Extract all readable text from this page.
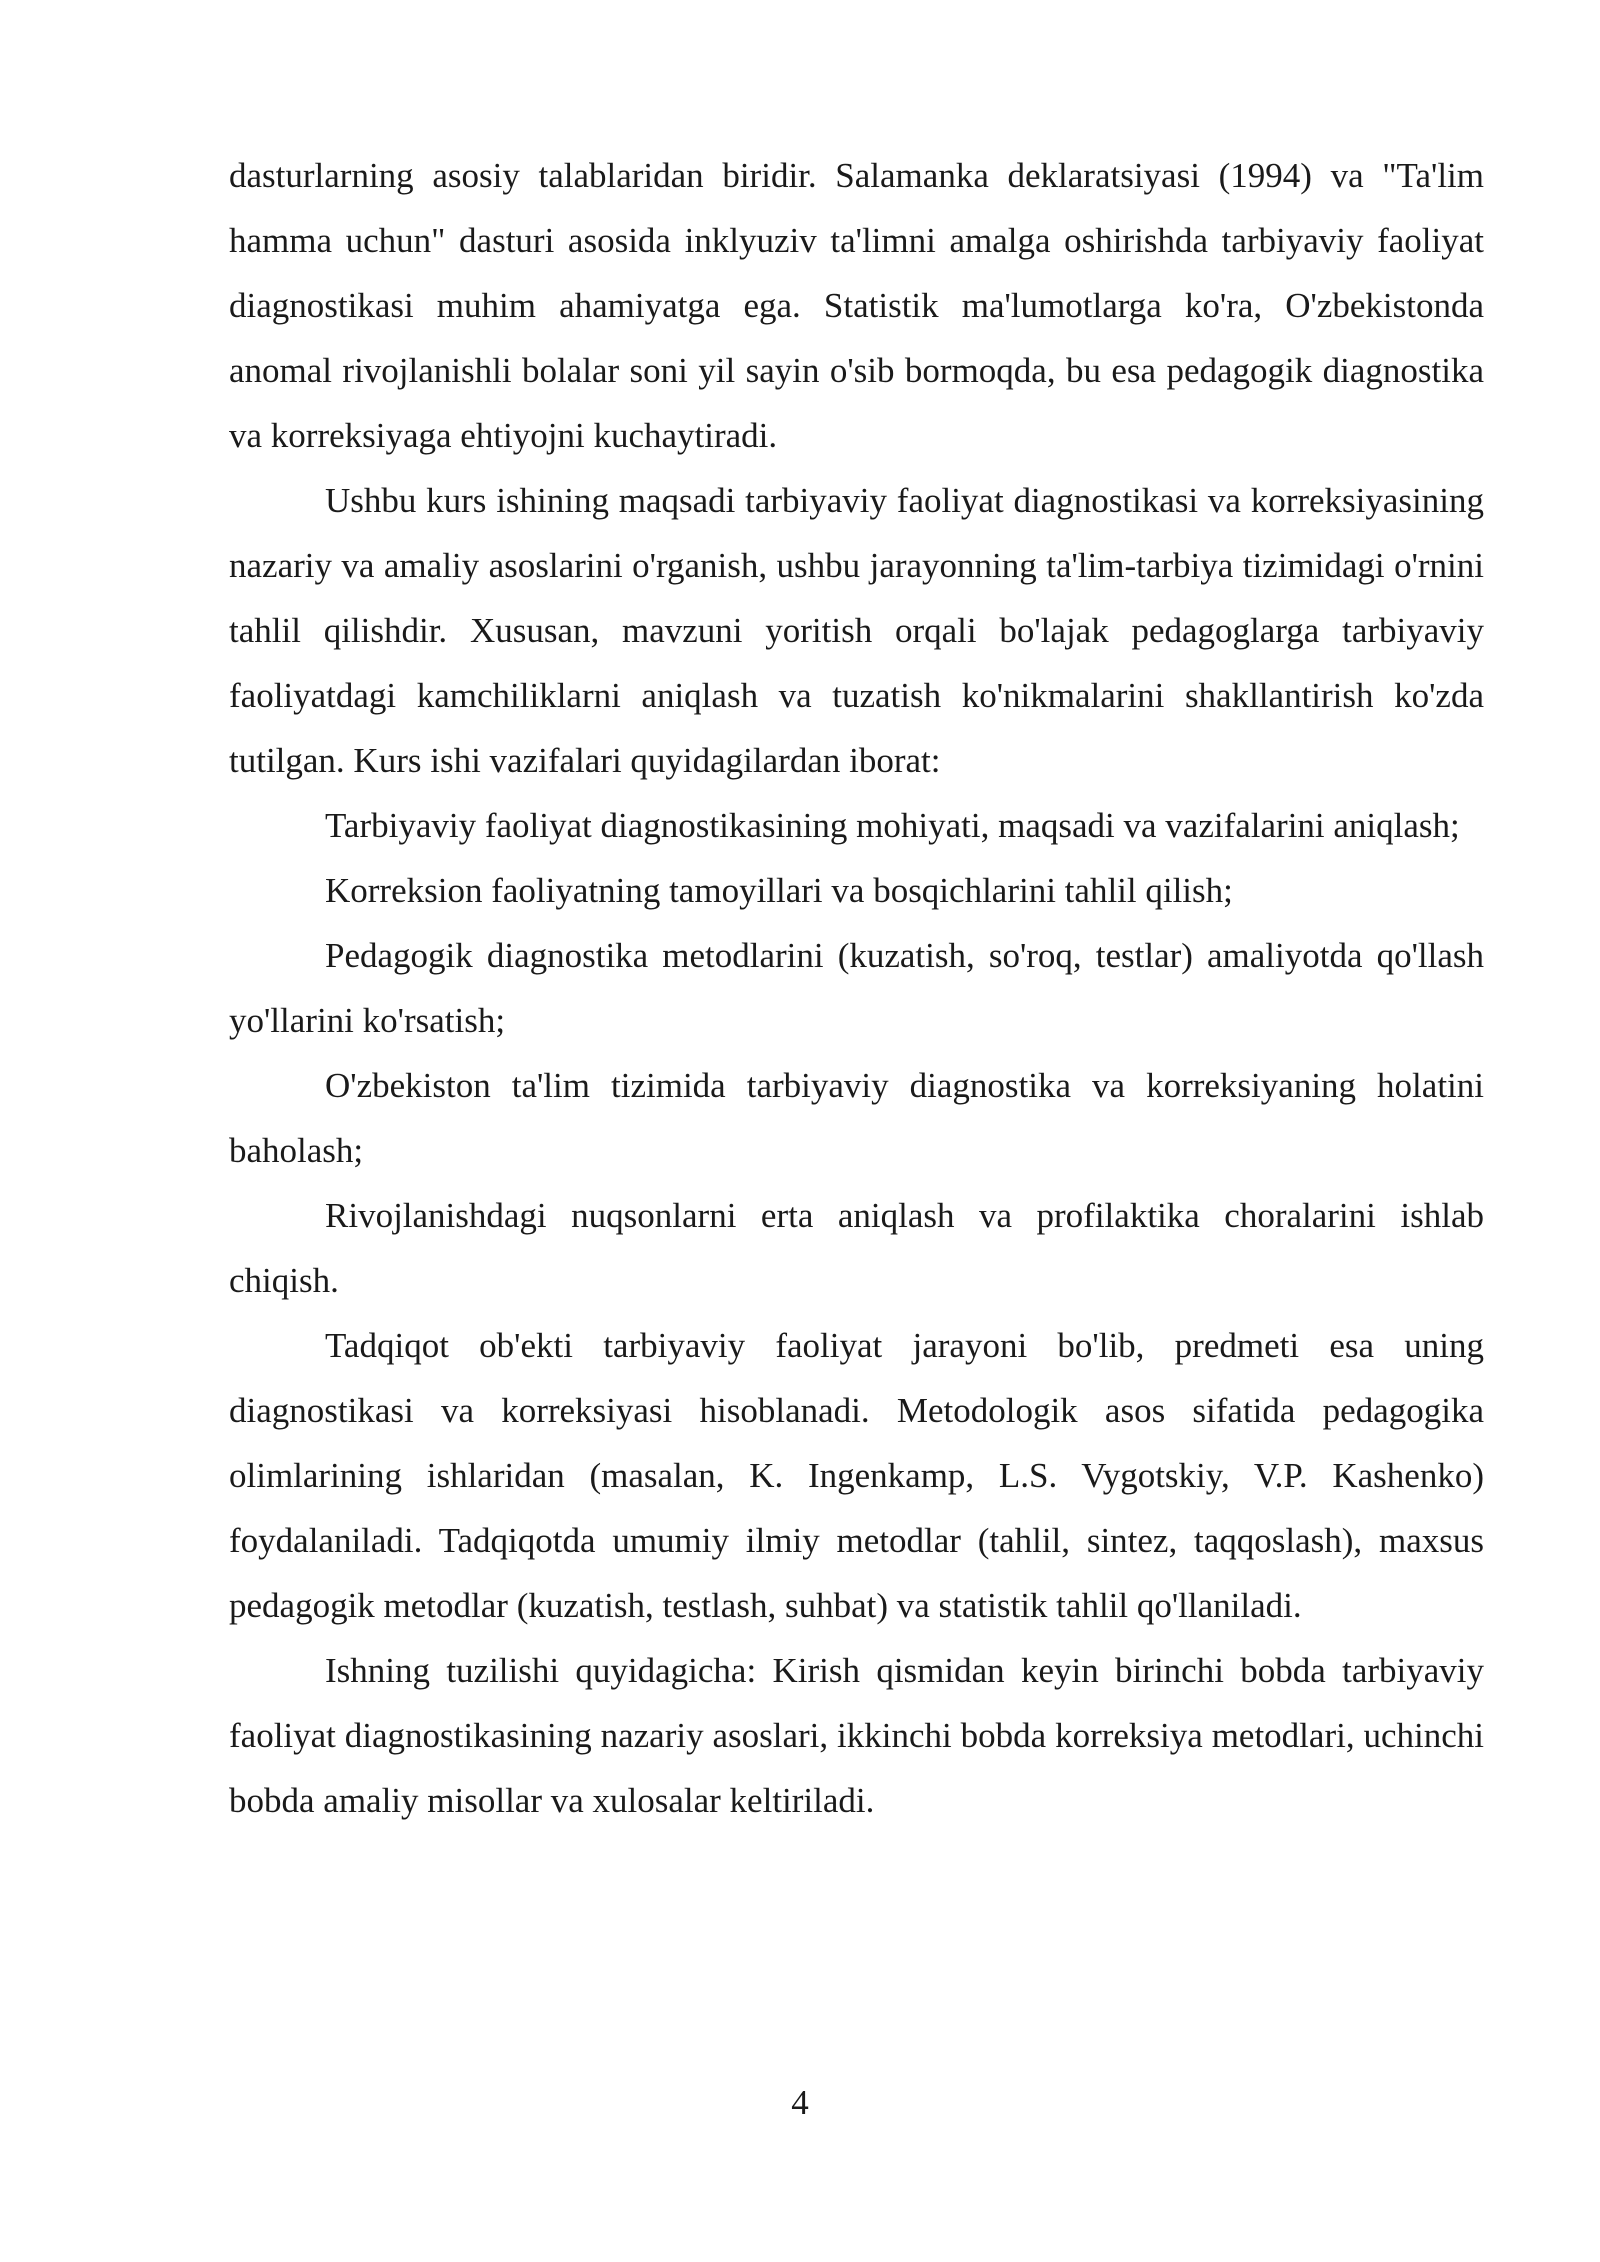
dasturlarning asosiy talablaridan biridir. Salamanka deklaratsiyasi (1994) va "Ta'lim hamma uchun" dasturi asosida inklyuziv ta'limni amalga oshirishda tarbiyaviy faoliyat diagnostikasi muhim ahamiyatga ega. Statistik ma'lumotlarga ko'ra, O'zbekistonda anomal rivojlanishli bolalar soni yil sayin o'sib bormoqda, bu esa pedagogik diagnostika va korreksiyaga ehtiyojni kuchaytiradi.

Ushbu kurs ishining maqsadi tarbiyaviy faoliyat diagnostikasi va korreksiyasining nazariy va amaliy asoslarini o'rganish, ushbu jarayonning ta'lim-tarbiya tizimidagi o'rnini tahlil qilishdir. Xususan, mavzuni yoritish orqali bo'lajak pedagoglarga tarbiyaviy faoliyatdagi kamchiliklarni aniqlash va tuzatish ko'nikmalarini shakllantirish ko'zda tutilgan. Kurs ishi vazifalari quyidagilardan iborat:

Tarbiyaviy faoliyat diagnostikasining mohiyati, maqsadi va vazifalarini aniqlash;

Korreksion faoliyatning tamoyillari va bosqichlarini tahlil qilish;

Pedagogik diagnostika metodlarini (kuzatish, so'roq, testlar) amaliyotda qo'llash yo'llarini ko'rsatish;

O'zbekiston ta'lim tizimida tarbiyaviy diagnostika va korreksiyaning holatini baholash;

Rivojlanishdagi nuqsonlarni erta aniqlash va profilaktika choralarini ishlab chiqish.

Tadqiqot ob'ekti tarbiyaviy faoliyat jarayoni bo'lib, predmeti esa uning diagnostikasi va korreksiyasi hisoblanadi. Metodologik asos sifatida pedagogika olimlarining ishlaridan (masalan, K. Ingenkamp, L.S. Vygotskiy, V.P. Kashenko) foydalaniladi. Tadqiqotda umumiy ilmiy metodlar (tahlil, sintez, taqqoslash), maxsus pedagogik metodlar (kuzatish, testlash, suhbat) va statistik tahlil qo'llaniladi.

Ishning tuzilishi quyidagicha: Kirish qismidan keyin birinchi bobda tarbiyaviy faoliyat diagnostikasining nazariy asoslari, ikkinchi bobda korreksiya metodlari, uchinchi bobda amaliy misollar va xulosalar keltiriladi.

4
